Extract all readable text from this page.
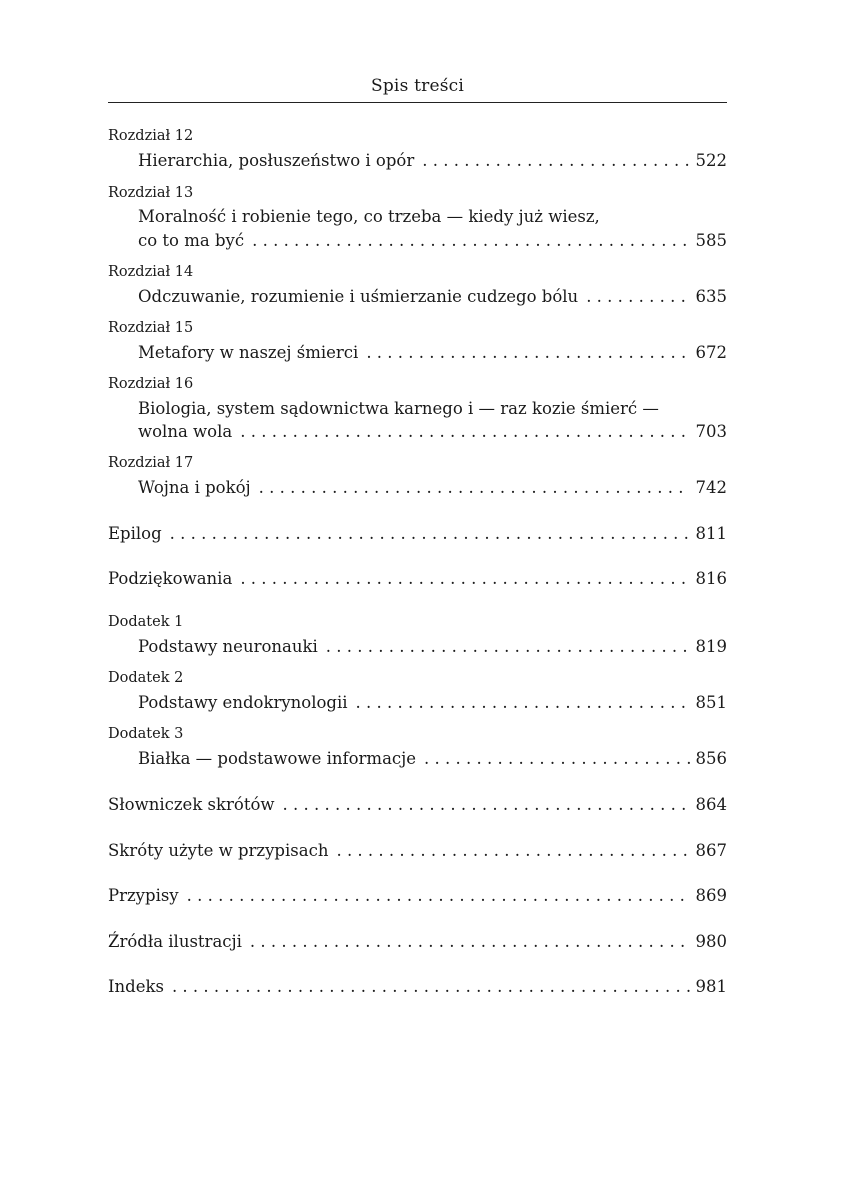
Spis treści
Rozdział 12
Hierarchia, posłuszeństwo i opór . . .	522
Rozdział 13
Moralność i robienie tego, co trzeba — kiedy już wiesz,
co to ma być . . .	585
Rozdział 14
Odczuwanie, rozumienie i uśmierzanie cudzego bólu . . .	635
Rozdział 15
Metafory w naszej śmierci . . .	672
Rozdział 16
Biologia, system sądownictwa karnego i — raz kozie śmierć —
wolna wola . . .	703
Rozdział 17
Wojna i pokój . . .	742
Epilog . . .	811
Podziękowania . . .	816
Dodatek 1
Podstawy neuronauki . . .	819
Dodatek 2
Podstawy endokrynologii . . .	851
Dodatek 3
Białka — podstawowe informacje . . .	856
Słowniczek skrótów . . .	864
Skróty użyte w przypisach . . .	867
Przypisy . . .	869
Źródła ilustracji . . .	980
Indeks . . .	981
